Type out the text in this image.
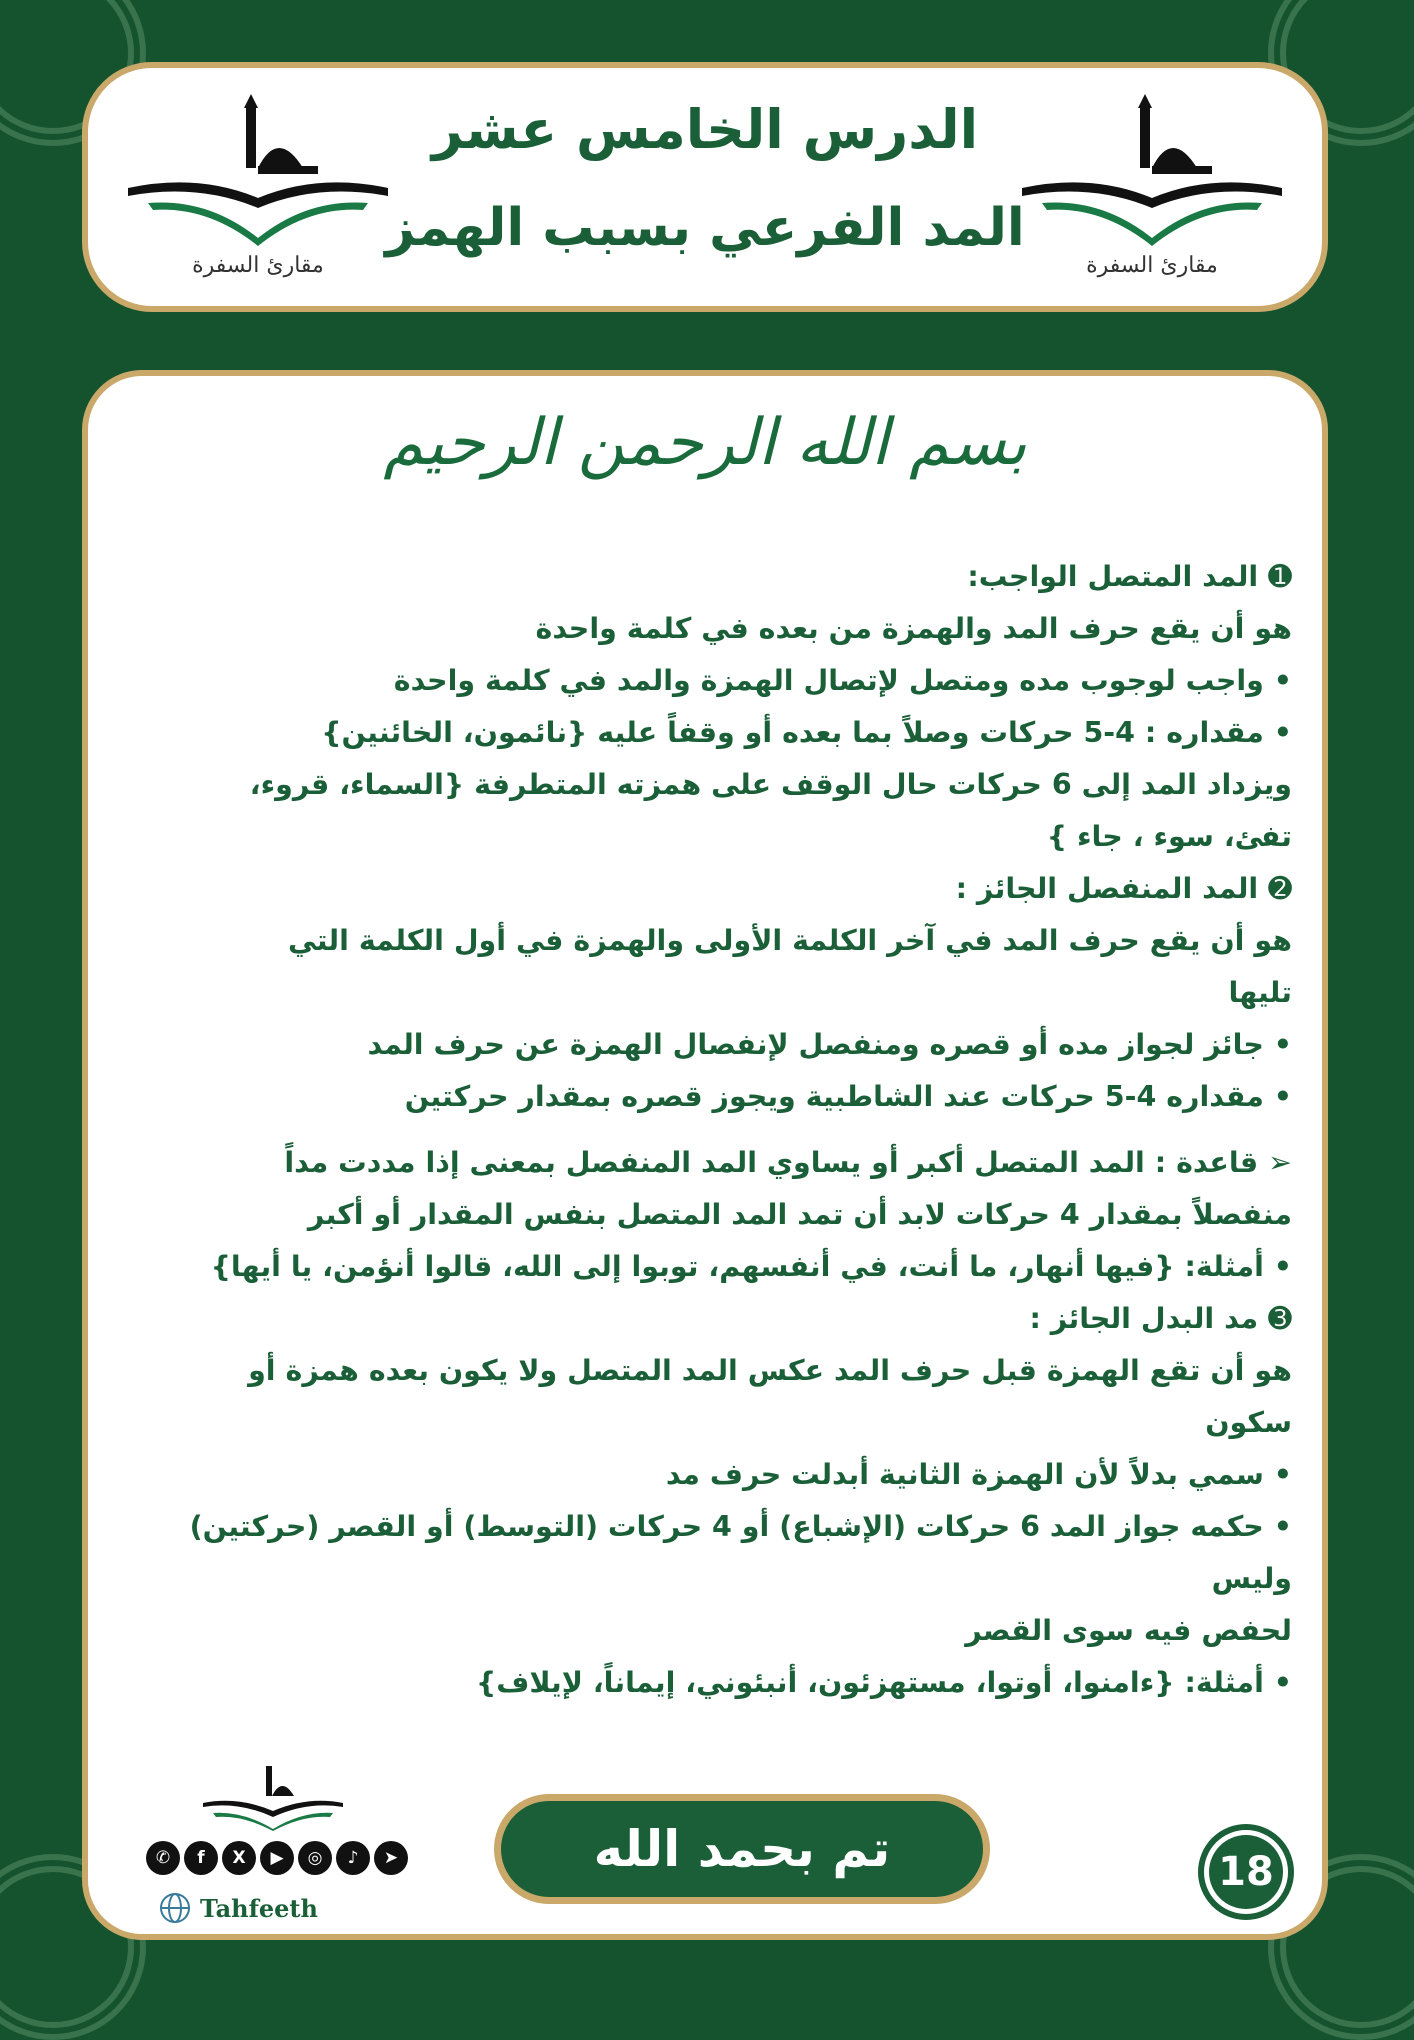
مقارئ السفرة
مقارئ السفرة
الدرس الخامس عشر
المد الفرعي بسبب الهمز
بسم الله الرحمن الرحيم

➊ المد المتصل الواجب:

هو أن يقع حرف المد والهمزة من بعده في كلمة واحدة

• واجب لوجوب مده ومتصل لإتصال الهمزة والمد في كلمة واحدة

• مقداره : 4-5 حركات وصلاً بما بعده أو وقفاً عليه {نائمون، الخائنين}

ويزداد المد إلى 6 حركات حال الوقف على همزته المتطرفة {السماء، قروء،

تفئ، سوء ، جاء }

➋ المد المنفصل الجائز :

هو أن يقع حرف المد في آخر الكلمة الأولى والهمزة في أول الكلمة التي

تليها

• جائز لجواز مده أو قصره ومنفصل لإنفصال الهمزة عن حرف المد

• مقداره 4-5 حركات عند الشاطبية ويجوز قصره بمقدار حركتين

➢ قاعدة : المد المتصل أكبر أو يساوي المد المنفصل بمعنى إذا مددت مداً

منفصلاً بمقدار 4 حركات لابد أن تمد المد المتصل بنفس المقدار أو أكبر

• أمثلة: {فيها أنهار، ما أنت، في أنفسهم، توبوا إلى الله، قالوا أنؤمن، يا أيها}

➌ مد البدل الجائز :

هو أن تقع الهمزة قبل حرف المد عكس المد المتصل ولا يكون بعده همزة أو

سكون

• سمي بدلاً لأن الهمزة الثانية أبدلت حرف مد

• حكمه جواز المد 6 حركات (الإشباع) أو 4 حركات (التوسط) أو القصر (حركتين) وليس

لحفص فيه سوى القصر

• أمثلة: {ءامنوا، أوتوا، مستهزئون، أنبئوني، إيماناً، لإيلاف}

✆	f	X	▶	◎	♪	➤
Tahfeeth
تم بحمد الله	18
